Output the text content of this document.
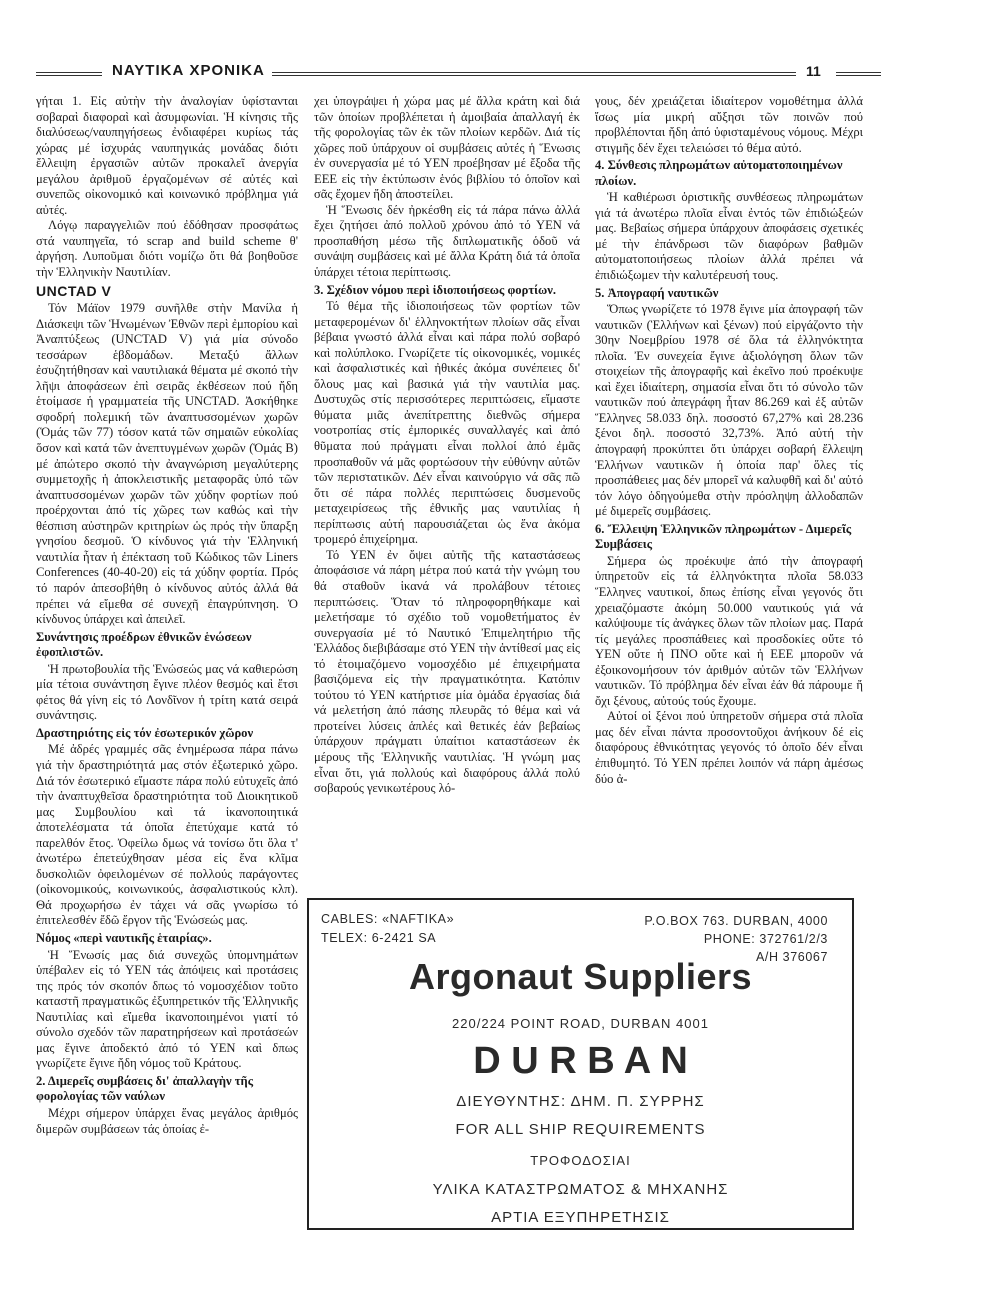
ΝΑΥΤΙΚΑ ΧΡΟΝΙΚΑ	11

γήται 1. Εἰς αὐτὴν τὴν ἀναλογίαν ὑφίστανται σοβαραὶ διαφοραὶ καὶ ἀσυμφωνίαι. Ἡ κίνησις τῆς διαλύσεως/ναυπηγήσεως ἐνδιαφέρει κυρίως τάς χώρας μέ ἰσχυράς ναυπηγικάς μονάδας διότι ἔλλειψη ἐργασιῶν αὐτῶν προκαλεῖ ἀνεργία μεγάλου ἀριθμοῦ ἐργαζομένων σέ αὐτές καὶ συνεπῶς οἰκονομικό καὶ κοινωνικό πρόβλημα γιά αὐτές.

Λόγῳ παραγγελιῶν πού ἐδόθησαν προσφάτως στά ναυπηγεῖα, τό scrap and build scheme θ' ἀργήση. Λυποῦμαι διότι νομίζω ὅτι θά βοηθοῦσε τὴν Ἑλληνικὴν Ναυτιλίαν.

UNCTAD V

Τόν Μάϊον 1979 συνῆλθε στὴν Μανίλα ἡ Διάσκεψι τῶν Ἡνωμένων Ἐθνῶν περὶ ἐμπορίου καὶ Ἀναπτύξεως (UNCTAD V) γιά μία σύνοδο τεσσάρων ἑβδομάδων. Μεταξύ ἄλλων ἐσυζητήθησαν καὶ ναυτιλιακά θέματα μέ σκοπό τὴν λῆψι ἀποφάσεων ἐπὶ σειρᾶς ἐκθέσεων πού ἤδη ἑτοίμασε ἡ γραμματεία τῆς UNCTAD. Ἀσκήθηκε σφοδρή πολεμική τῶν ἀναπτυσσομένων χωρῶν (Ὁμάς τῶν 77) τόσον κατά τῶν σημαιῶν εὐκολίας ὅσον καὶ κατά τῶν ἀνεπτυγμένων χωρῶν (Ὁμάς Β) μέ ἀπώτερο σκοπό τὴν ἀναγνώριση μεγαλύτερης συμμετοχῆς ἡ ἀποκλειστικῆς μεταφορᾶς ὑπό τῶν ἀναπτυσσομένων χωρῶν τῶν χύδην φορτίων πού προέρχονται ἀπό τίς χῶρες των καθώς καὶ τὴν θέσπιση αὐστηρῶν κριτηρίων ὡς πρός τὴν ὕπαρξη γνησίου δεσμοῦ. Ὁ κίνδυνος γιά τὴν Ἑλληνική ναυτιλία ἦταν ἡ ἐπέκταση τοῦ Κώδικος τῶν Liners Conferences (40-40-20) εἰς τά χύδην φορτία. Πρός τό παρόν ἀπεσοβήθη ὁ κίνδυνος αὐτός ἀλλά θά πρέπει νά εἴμεθα σέ συνεχῆ ἐπαγρύπνηση. Ὁ κίνδυνος ὑπάρχει καὶ ἀπειλεῖ.

Συνάντησις προέδρων ἐθνικῶν ἑνώσεων ἐφοπλιστῶν.

Ἡ πρωτοβουλία τῆς Ἑνώσεώς μας νά καθιερώση μία τέτοια συνάντηση ἔγινε πλέον θεσμός καὶ ἔτσι φέτος θά γίνη εἰς τό Λονδῖνον ἡ τρίτη κατά σειρά συνάντησις.

Δραστηριότης εἰς τόν ἐσωτερικόν χῶρον

Μέ ἀδρές γραμμές σᾶς ἐνημέρωσα πάρα πάνω γιά τὴν δραστηριότητά μας στόν ἐξωτερικό χῶρο. Διά τόν ἐσωτερικό εἴμαστε πάρα πολύ εὐτυχεῖς ἀπό τὴν ἀναπτυχθεῖσα δραστηριότητα τοῦ Διοικητικοῦ μας Συμβουλίου καὶ τά ἱκανοποιητικά ἀποτελέσματα τά ὁποῖα ἐπετύχαμε κατά τό παρελθόν ἔτος. Ὀφείλω δμως νά τονίσω ὅτι ὅλα τ' ἀνωτέρω ἐπετεύχθησαν μέσα εἰς ἕνα κλῖμα δυσκολιῶν ὀφειλομένων σέ πολλούς παράγοντες (οἰκονομικούς, κοινωνικούς, ἀσφαλιστικούς κλπ). Θά προχωρήσω ἐν τάχει νά σᾶς γνωρίσω τό ἐπιτελεσθέν ἔδῶ ἔργον τῆς Ἑνώσεώς μας.

Νόμος «περὶ ναυτικῆς ἑταιρίας».

Ἡ Ἕνωσίς μας διά συνεχῶς ὑπομνημάτων ὑπέβαλεν εἰς τό ΥΕΝ τάς ἀπόψεις καὶ προτάσεις της πρός τόν σκοπόν δπως τό νομοσχέδιον τοῦτο καταστῆ πραγματικῶς ἐξυπηρετικόν τῆς Ἑλληνικῆς Ναυτιλίας καὶ εἴμεθα ἱκανοποιημένοι γιατί τό σύνολο σχεδόν τῶν παρατηρήσεων καὶ προτάσεών μας ἔγινε ἀποδεκτό ἀπό τό ΥΕΝ καὶ δπως γνωρίζετε ἔγινε ἤδη νόμος τοῦ Κράτους.

2. Διμερεῖς συμβάσεις δι' ἀπαλλαγὴν τῆς φορολογίας τῶν ναύλων

Μέχρι σήμερον ὑπάρχει ἕνας μεγάλος ἀριθμός διμερῶν συμβάσεων τάς ὁποίας ἐ-

χει ὑπογράψει ἡ χώρα μας μέ ἄλλα κράτη καὶ διά τῶν ὁποίων προβλέπεται ἡ ἀμοιβαία ἀπαλλαγή ἐκ τῆς φορολογίας τῶν ἐκ τῶν πλοίων κερδῶν. Διά τίς χῶρες ποῦ ὑπάρχουν οἱ συμβάσεις αὐτές ἡ Ἕνωσις ἐν συνεργασία μέ τό ΥΕΝ προέβησαν μέ ἔξοδα τῆς ΕΕΕ εἰς τὴν ἐκτύπωσιν ἑνός βιβλίου τό ὁποῖον καὶ σᾶς ἔχομεν ἤδη ἀποστείλει.

Ἡ Ἕνωσις δέν ἠρκέσθη εἰς τά πάρα πάνω ἀλλά ἔχει ζητήσει ἀπό πολλοῦ χρόνου ἀπό τό ΥΕΝ νά προσπαθήση μέσω τῆς διπλωματικῆς ὁδοῦ νά συνάψη συμβάσεις καὶ μέ ἄλλα Κράτη διά τά ὁποῖα ὑπάρχει τέτοια περίπτωσις.

3. Σχέδιον νόμου περὶ ἰδιοποιήσεως φορτίων.

Τό θέμα τῆς ἰδιοποιήσεως τῶν φορτίων τῶν μεταφερομένων δι' ἑλληνοκτήτων πλοίων σᾶς εἶναι βέβαια γνωστό ἀλλά εἶναι καὶ πάρα πολύ σοβαρό καὶ πολύπλοκο. Γνωρίζετε τίς οἰκονομικές, νομικές καὶ ἀσφαλιστικές καὶ ἠθικές ἀκόμα συνέπειες δι' ὅλους μας καὶ βασικά γιά τὴν ναυτιλία μας. Δυστυχῶς στίς περισσότερες περιπτώσεις, εἴμαστε θύματα μιᾶς ἀνεπίτρεπτης διεθνῶς σήμερα νοοτροπίας στίς ἐμπορικές συναλλαγές καὶ ἀπό θῦματα πού πράγματι εἶναι πολλοί ἀπό ἐμᾶς προσπαθοῦν νά μᾶς φορτώσουν τὴν εὐθύνην αὐτῶν τῶν περιστατικῶν. Δέν εἶναι καινούργιο νά σᾶς πῶ ὅτι σέ πάρα πολλές περιπτώσεις δυσμενοῦς μεταχειρίσεως τῆς ἐθνικῆς μας ναυτιλίας ἡ περίπτωσις αὐτή παρουσιάζεται ὡς ἕνα ἀκόμα τρομερό ἐπιχείρημα.

Τό ΥΕΝ ἐν ὄψει αὐτῆς τῆς καταστάσεως ἀποφάσισε νά πάρη μέτρα πού κατά τὴν γνώμη του θά σταθοῦν ἱκανά νά προλάβουν τέτοιες περιπτώσεις. Ὅταν τό πληροφορηθήκαμε καὶ μελετήσαμε τό σχέδιο τοῦ νομοθετήματος ἐν συνεργασία μέ τό Ναυτικό Ἐπιμελητήριο τῆς Ἑλλάδος διεβιβάσαμε στό ΥΕΝ τὴν ἀντίθεσί μας εἰς τό ἑτοιμαζόμενο νομοσχέδιο μέ ἐπιχειρήματα βασιζόμενα εἰς τὴν πραγματικότητα. Κατόπιν τούτου τό ΥΕΝ κατήρτισε μία ὁμάδα ἐργασίας διά νά μελετήση ἀπό πάσης πλευρᾶς τό θέμα καὶ νά προτείνει λύσεις ἁπλές καὶ θετικές ἐάν βεβαίως ὑπάρχουν πράγματι ὑπαίτιοι καταστάσεων ἐκ μέρους τῆς Ἑλληνικῆς ναυτιλίας. Ἡ γνώμη μας εἶναι ὅτι, γιά πολλούς καὶ διαφόρους ἀλλά πολύ σοβαρούς γενικωτέρους λό-

γους, δέν χρειάζεται ἰδιαίτερον νομοθέτημα ἀλλά ἴσως μία μικρή αὔξησι τῶν ποινῶν πού προβλέπονται ἤδη ἀπό ὑφισταμένους νόμους. Μέχρι στιγμῆς δέν ἔχει τελειώσει τό θέμα αὐτό.

4. Σύνθεσις πληρωμάτων αὐτοματοποιημένων πλοίων.

Ἡ καθιέρωσι ὁριστικῆς συνθέσεως πληρωμάτων γιά τά ἀνωτέρω πλοῖα εἶναι ἐντός τῶν ἐπιδιώξεών μας. Βεβαίως σήμερα ὑπάρχουν ἀποφάσεις σχετικές μέ τὴν ἐπάνδρωσι τῶν διαφόρων βαθμῶν αὐτοματοποιήσεως πλοίων ἀλλά πρέπει νά ἐπιδιώξωμεν τὴν καλυτέρευσή τους.

5. Ἀπογραφή ναυτικῶν

Ὅπως γνωρίζετε τό 1978 ἔγινε μία ἀπογραφή τῶν ναυτικῶν (Ἑλλήνων καὶ ξένων) πού εἰργάζοντο τὴν 30ην Νοεμβρίου 1978 σέ ὅλα τά ἑλληνόκτητα πλοῖα. Ἐν συνεχεία ἔγινε ἀξιολόγηση ὅλων τῶν στοιχείων τῆς ἀπογραφῆς καὶ ἐκεῖνο πού προέκυψε καὶ ἔχει ἰδιαίτερη, σημασία εἶναι ὅτι τό σύνολο τῶν ναυτικῶν πού ἀπεγράφη ἦταν 86.269 καὶ ἐξ αὐτῶν Ἕλληνες 58.033 δηλ. ποσοστό 67,27% καὶ 28.236 ξένοι δηλ. ποσοστό 32,73%. Ἀπό αὐτή τὴν ἀπογραφή προκύπτει ὅτι ὑπάρχει σοβαρή ἔλλειψη Ἑλλήνων ναυτικῶν ἡ ὁποία παρ' ὅλες τίς προσπάθειες μας δέν μπορεῖ νά καλυφθῆ καὶ δι' αὐτό τόν λόγο ὁδηγούμεθα στὴν πρόσληψη ἀλλοδαπῶν μέ διμερεῖς συμβάσεις.

6. Ἔλλειψη Ἑλληνικῶν πληρωμάτων - Διμερεῖς Συμβάσεις

Σήμερα ὡς προέκυψε ἀπό τὴν ἀπογραφή ὑπηρετοῦν εἰς τά ἑλληνόκτητα πλοῖα 58.033 Ἕλληνες ναυτικοί, δπως ἐπίσης εἶναι γεγονός ὅτι χρειαζόμαστε ἀκόμη 50.000 ναυτικούς γιά νά καλύψουμε τίς ἀνάγκες ὅλων τῶν πλοίων μας. Παρά τίς μεγάλες προσπάθειες καὶ προσδοκίες οὔτε τό ΥΕΝ οὔτε ἡ ΠΝΟ οὔτε καὶ ἡ ΕΕΕ μποροῦν νά ἐξοικονομήσουν τόν ἀριθμόν αὐτῶν τῶν Ἑλλήνων ναυτικῶν. Τό πρόβλημα δέν εἶναι ἐάν θά πάρουμε ἤ ὄχι ξένους, αὐτούς τούς ἔχουμε.

Αὐτοί οἱ ξένοι πού ὑπηρετοῦν σήμερα στά πλοῖα μας δέν εἶναι πάντα προσοντοῦχοι ἀνήκουν δέ εἰς διαφόρους ἐθνικότητας γεγονός τό ὁποῖο δέν εἶναι ἐπιθυμητό. Τό ΥΕΝ πρέπει λοιπόν νά πάρη ἀμέσως δύο ἀ-

CABLES: «NAFTIKA»
TELEX: 6-2421 SA
P.O.BOX 763. DURBAN, 4000
PHONE: 372761/2/3
A/H 376067
Argonaut Suppliers
220/224 POINT ROAD, DURBAN 4001
D U R B A N
ΔΙΕΥΘΥΝΤΗΣ: ΔΗΜ. Π. ΣΥΡΡΗΣ
FOR ALL SHIP REQUIREMENTS
ΤΡΟΦΟΔΟΣΙΑΙ
ΥΛΙΚΑ ΚΑΤΑΣΤΡΩΜΑΤΟΣ & ΜΗΧΑΝΗΣ
ΑΡΤΙΑ ΕΞΥΠΗΡΕΤΗΣΙΣ
